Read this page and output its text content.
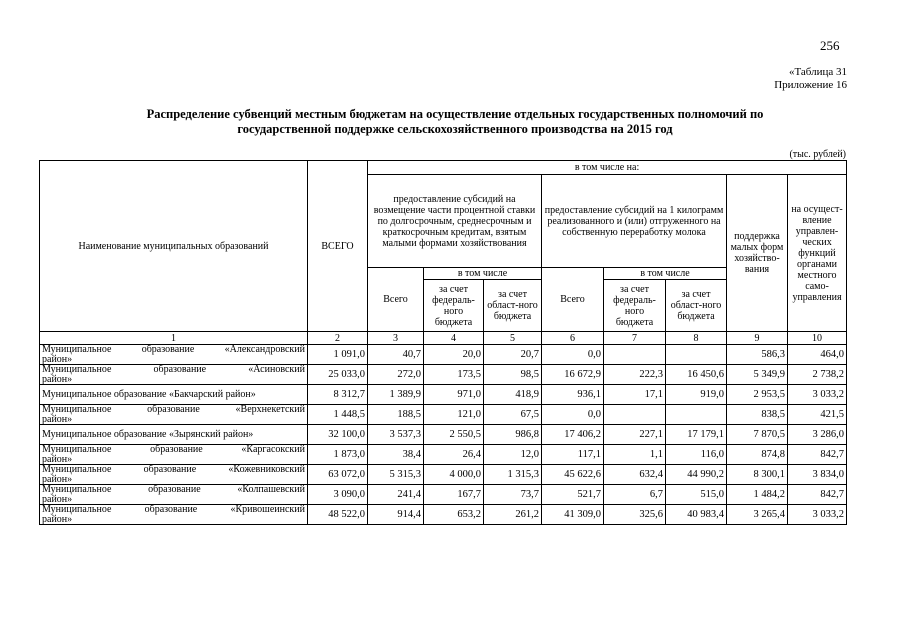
256
«Таблица 31
Приложение 16
Распределение субвенций местным бюджетам на осуществление отдельных государственных полномочий по
государственной поддержке сельскохозяйственного производства на 2015 год
(тыс. рублей)
Наименование муниципальных образований	ВСЕГО	в том числе на:							
		предоставление субсидий на возмещение части процентной ставки по долгосрочным, среднесрочным и краткосрочным кредитам, взятым малыми формами хозяйствования			предоставление субсидий на 1 килограмм реализованного и (или) отгруженного на собственную переработку молока			поддержка малых форм хозяйство-вания	на осущест-вление управлен-ческих функций органами местного само-управления
		Всего	в том числе		Всего	в том числе			
			за счет федераль-ного бюджета	за счет област-ного бюджета		за счет федераль-ного бюджета	за счет област-ного бюджета		
1	2	3	4	5	6	7	8	9	10
Муниципальное образование «Александровский
район»	1 091,0	40,7	20,0	20,7	0,0			586,3	464,0
Муниципальное образование «Асиновский
район»	25 033,0	272,0	173,5	98,5	16 672,9	222,3	16 450,6	5 349,9	2 738,2
Муниципальное образование «Бакчарский район»	8 312,7	1 389,9	971,0	418,9	936,1	17,1	919,0	2 953,5	3 033,2
Муниципальное образование «Верхнекетский
район»	1 448,5	188,5	121,0	67,5	0,0			838,5	421,5
Муниципальное образование «Зырянский район»	32 100,0	3 537,3	2 550,5	986,8	17 406,2	227,1	17 179,1	7 870,5	3 286,0
Муниципальное образование «Каргасокский
район»	1 873,0	38,4	26,4	12,0	117,1	1,1	116,0	874,8	842,7
Муниципальное образование «Кожевниковский
район»	63 072,0	5 315,3	4 000,0	1 315,3	45 622,6	632,4	44 990,2	8 300,1	3 834,0
Муниципальное образование «Колпашевский
район»	3 090,0	241,4	167,7	73,7	521,7	6,7	515,0	1 484,2	842,7
Муниципальное образование «Кривошеинский
район»	48 522,0	914,4	653,2	261,2	41 309,0	325,6	40 983,4	3 265,4	3 033,2
